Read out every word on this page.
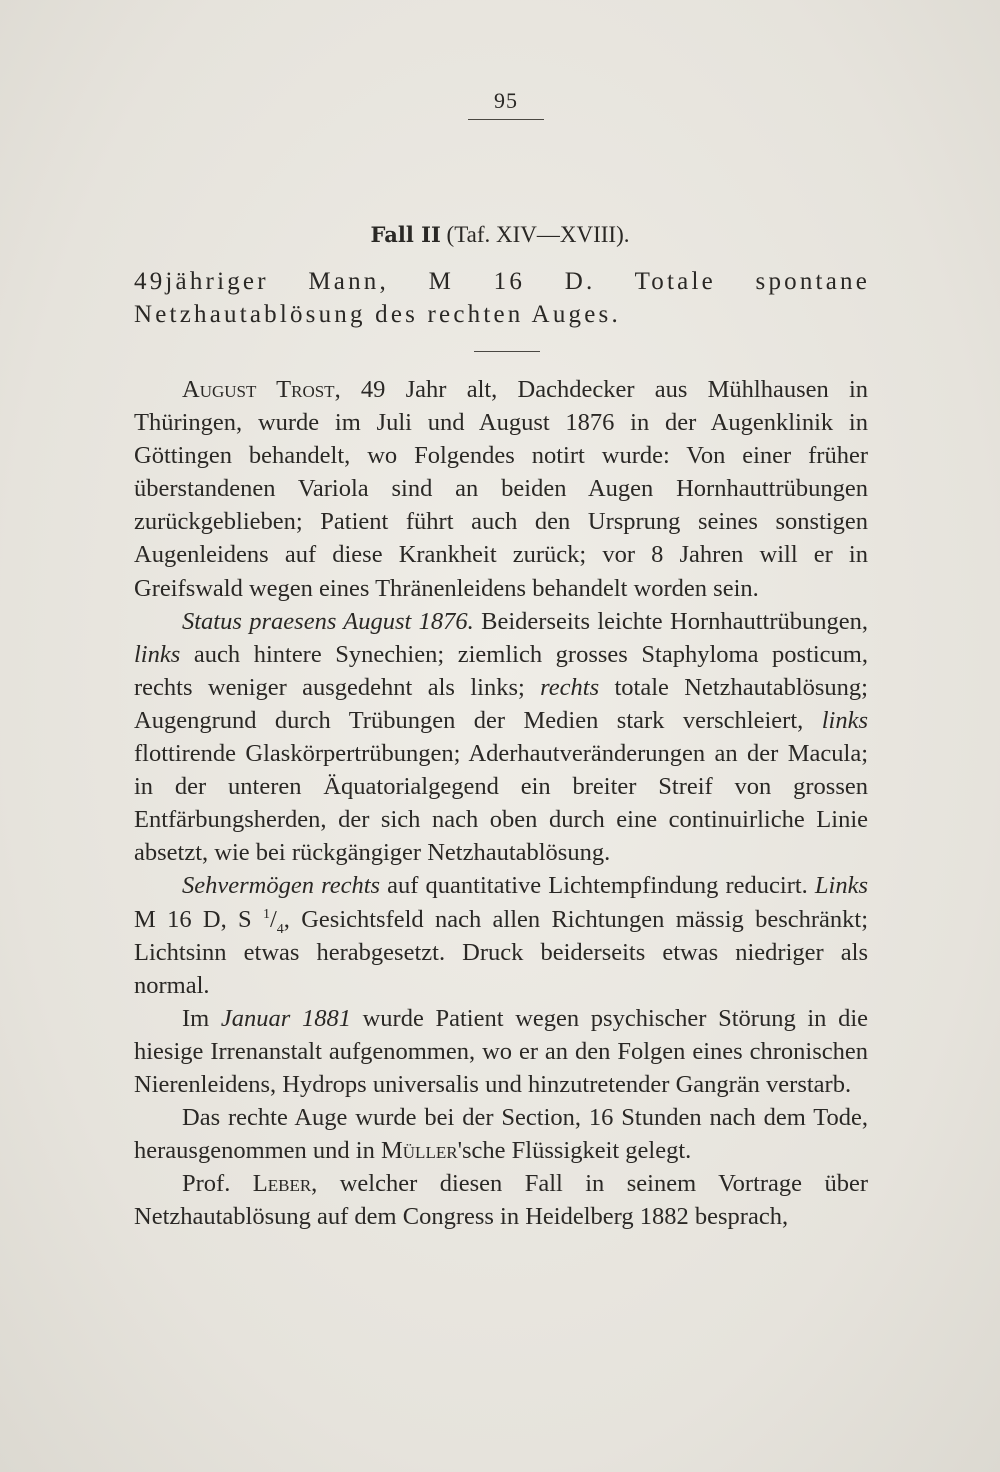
95
Fall II (Taf. XIV—XVIII).
49jähriger Mann, M 16 D. Totale spontane Netzhautablösung des rechten Auges.

August Trost, 49 Jahr alt, Dachdecker aus Mühlhausen in Thüringen, wurde im Juli und August 1876 in der Augenklinik in Göttingen behandelt, wo Folgendes notirt wurde: Von einer früher überstandenen Variola sind an beiden Augen Hornhauttrübungen zurückgeblieben; Patient führt auch den Ursprung seines sonstigen Augenleidens auf diese Krankheit zurück; vor 8 Jahren will er in Greifswald wegen eines Thränenleidens behandelt worden sein.

Status praesens August 1876. Beiderseits leichte Hornhauttrübungen, links auch hintere Synechien; ziemlich grosses Staphyloma posticum, rechts weniger ausgedehnt als links; rechts totale Netzhautablösung; Augengrund durch Trübungen der Medien stark verschleiert, links flottirende Glaskörpertrübungen; Aderhautveränderungen an der Macula; in der unteren Äquatorialgegend ein breiter Streif von grossen Entfärbungsherden, der sich nach oben durch eine continuirliche Linie absetzt, wie bei rückgängiger Netzhautablösung.

Sehvermögen rechts auf quantitative Lichtempfindung reducirt. Links M 16 D, S $^1/_4$, Gesichtsfeld nach allen Richtungen mässig beschränkt; Lichtsinn etwas herabgesetzt. Druck beiderseits etwas niedriger als normal.

Im Januar 1881 wurde Patient wegen psychischer Störung in die hiesige Irrenanstalt aufgenommen, wo er an den Folgen eines chronischen Nierenleidens, Hydrops universalis und hinzutretender Gangrän verstarb.

Das rechte Auge wurde bei der Section, 16 Stunden nach dem Tode, herausgenommen und in Müller'sche Flüssigkeit gelegt.

Prof. Leber, welcher diesen Fall in seinem Vortrage über Netzhautablösung auf dem Congress in Heidelberg 1882 besprach,
